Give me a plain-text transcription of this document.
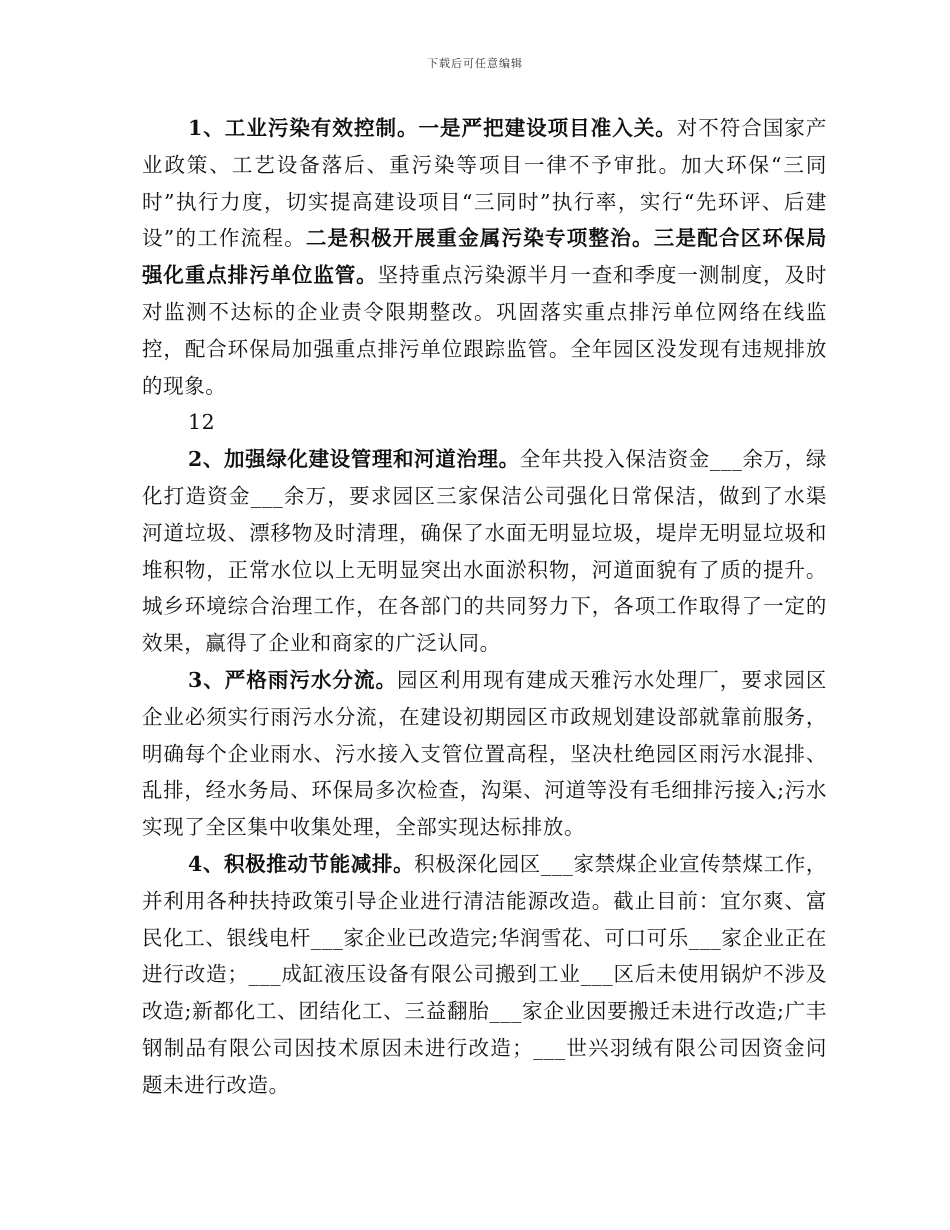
下载后可任意编辑

1、工业污染有效控制。一是严把建设项目准入关。对不符合国家产业政策、工艺设备落后、重污染等项目一律不予审批。加大环保“三同时”执行力度，切实提高建设项目“三同时”执行率，实行“先环评、后建设”的工作流程。二是积极开展重金属污染专项整治。三是配合区环保局强化重点排污单位监管。坚持重点污染源半月一查和季度一测制度，及时对监测不达标的企业责令限期整改。巩固落实重点排污单位网络在线监控，配合环保局加强重点排污单位跟踪监管。全年园区没发现有违规排放的现象。

12

2、加强绿化建设管理和河道治理。全年共投入保洁资金___余万，绿化打造资金___余万，要求园区三家保洁公司强化日常保洁，做到了水渠河道垃圾、漂移物及时清理，确保了水面无明显垃圾，堤岸无明显垃圾和堆积物，正常水位以上无明显突出水面淤积物，河道面貌有了质的提升。城乡环境综合治理工作，在各部门的共同努力下，各项工作取得了一定的效果，赢得了企业和商家的广泛认同。

3、严格雨污水分流。园区利用现有建成天雅污水处理厂，要求园区企业必须实行雨污水分流，在建设初期园区市政规划建设部就靠前服务，明确每个企业雨水、污水接入支管位置高程，坚决杜绝园区雨污水混排、乱排，经水务局、环保局多次检查，沟渠、河道等没有毛细排污接入;污水实现了全区集中收集处理，全部实现达标排放。

4、积极推动节能减排。积极深化园区___家禁煤企业宣传禁煤工作，并利用各种扶持政策引导企业进行清洁能源改造。截止目前：宜尔爽、富民化工、银线电杆___家企业已改造完;华润雪花、可口可乐___家企业正在进行改造；___成缸液压设备有限公司搬到工业___区后未使用锅炉不涉及改造;新都化工、团结化工、三益翻胎___家企业因要搬迁未进行改造;广丰钢制品有限公司因技术原因未进行改造；___世兴羽绒有限公司因资金问题未进行改造。
